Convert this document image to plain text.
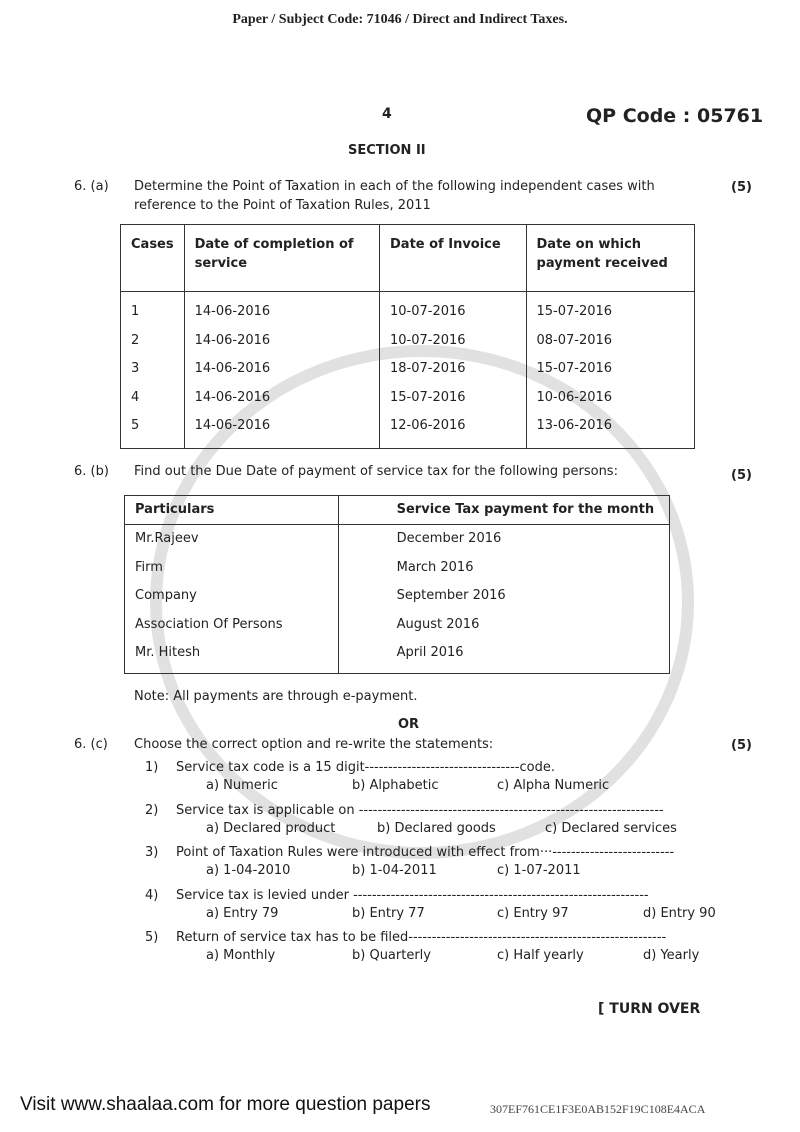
Paper / Subject Code: 71046 / Direct and Indirect Taxes.
4	QP Code : 05761
SECTION II
6. (a) Determine the Point of Taxation in each of the following independent cases with
reference to the Point of Taxation Rules, 2011
(5)
Cases	Date of completion of service	Date of Invoice	Date on which payment received
1	14-06-2016	10-07-2016	15-07-2016
2	14-06-2016	10-07-2016	08-07-2016
3	14-06-2016	18-07-2016	15-07-2016
4	14-06-2016	15-07-2016	10-06-2016
5	14-06-2016	12-06-2016	13-06-2016
6. (b) Find out the Due Date of payment of service tax for the following persons:	(5)
Particulars	Service Tax payment for the month
Mr.Rajeev	December 2016
Firm	March 2016
Company	September 2016
Association Of Persons	August 2016
Mr. Hitesh	April 2016
Note: All payments are through e-payment.
OR
6. (c) Choose the correct option and re-write the statements:	(5)
1) Service tax code is a 15 digit---------------------------------code.
a) Numeric	b) Alphabetic	c) Alpha Numeric
2) Service tax is applicable on -----------------------------------------------------------------
a) Declared product	b) Declared goods	c) Declared services
3) Point of Taxation Rules were introduced with effect from···--------------------------
a) 1-04-2010	b) 1-04-2011	c) 1-07-2011
4) Service tax is levied under ---------------------------------------------------------------
a) Entry 79	b) Entry 77	c) Entry 97	d) Entry 90
5) Return of service tax has to be filed-------------------------------------------------------
a) Monthly	b) Quarterly	c) Half yearly	d) Yearly
[ TURN OVER
Visit www.shaalaa.com for more question papers	307EF761CE1F3E0AB152F19C108E4ACA
